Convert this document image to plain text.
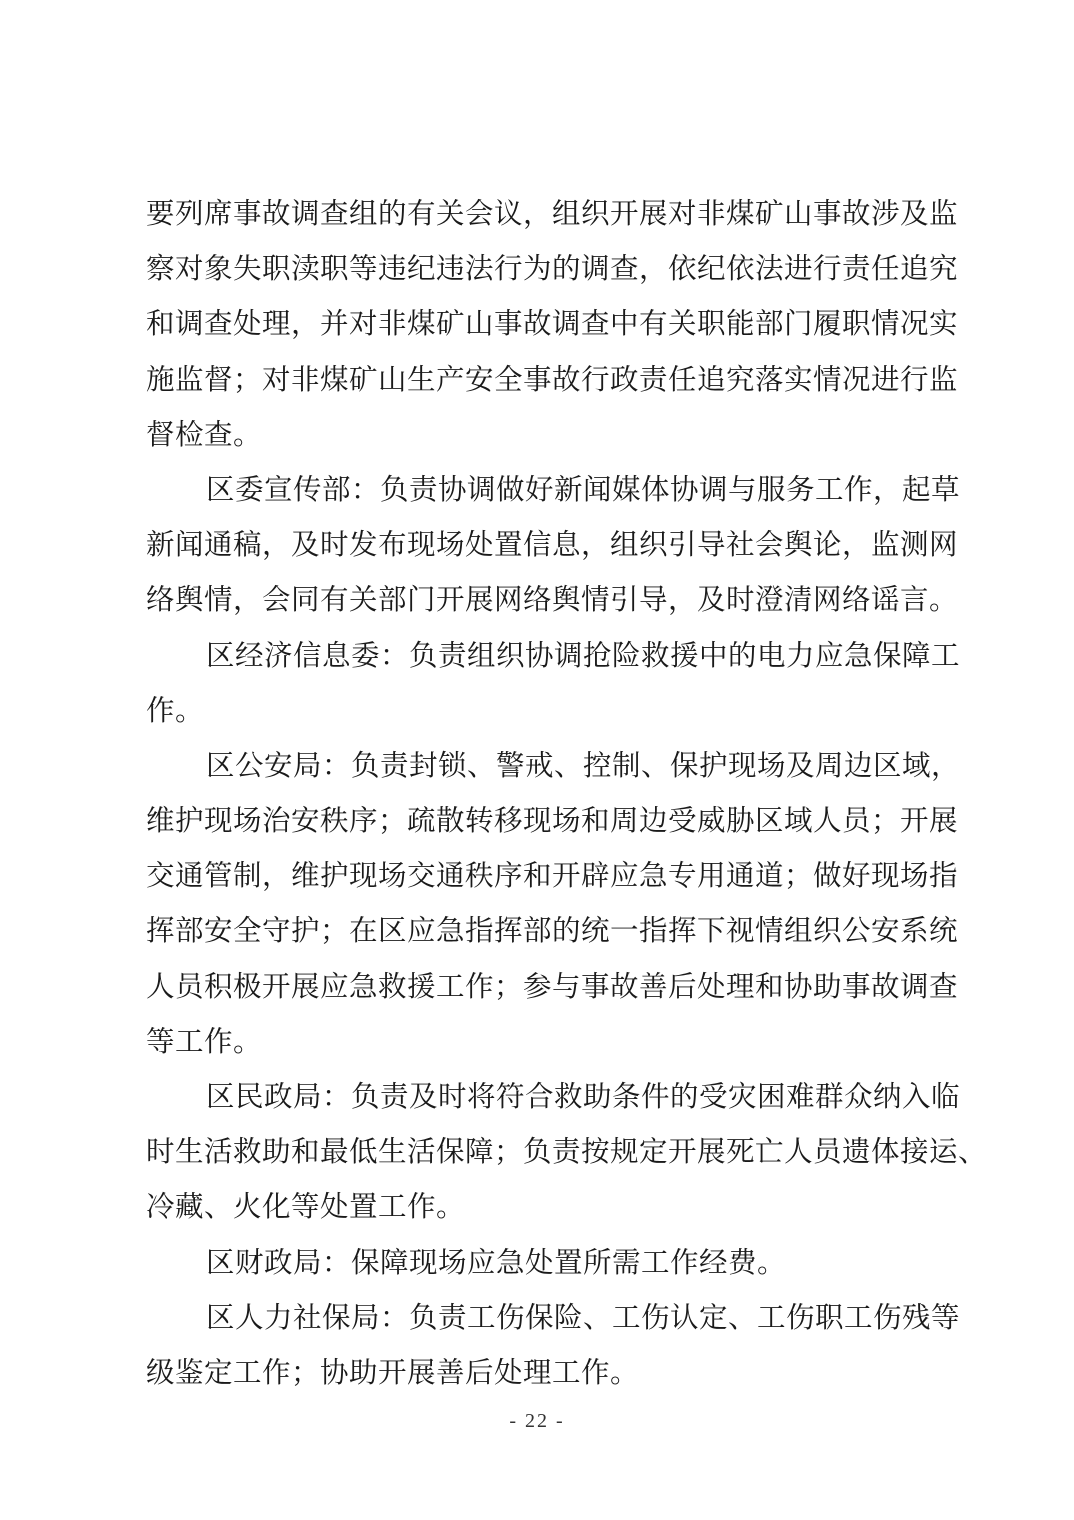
要列席事故调查组的有关会议，组织开展对非煤矿山事故涉及监
察对象失职渎职等违纪违法行为的调查，依纪依法进行责任追究
和调查处理，并对非煤矿山事故调查中有关职能部门履职情况实
施监督；对非煤矿山生产安全事故行政责任追究落实情况进行监
督检查。
区委宣传部：负责协调做好新闻媒体协调与服务工作，起草
新闻通稿，及时发布现场处置信息，组织引导社会舆论，监测网
络舆情，会同有关部门开展网络舆情引导，及时澄清网络谣言。
区经济信息委：负责组织协调抢险救援中的电力应急保障工
作。
区公安局：负责封锁、警戒、控制、保护现场及周边区域，
维护现场治安秩序；疏散转移现场和周边受威胁区域人员；开展
交通管制，维护现场交通秩序和开辟应急专用通道；做好现场指
挥部安全守护；在区应急指挥部的统一指挥下视情组织公安系统
人员积极开展应急救援工作；参与事故善后处理和协助事故调查
等工作。
区民政局：负责及时将符合救助条件的受灾困难群众纳入临
时生活救助和最低生活保障；负责按规定开展死亡人员遗体接运、
冷藏、火化等处置工作。
区财政局：保障现场应急处置所需工作经费。
区人力社保局：负责工伤保险、工伤认定、工伤职工伤残等
级鉴定工作；协助开展善后处理工作。
- 22 -
